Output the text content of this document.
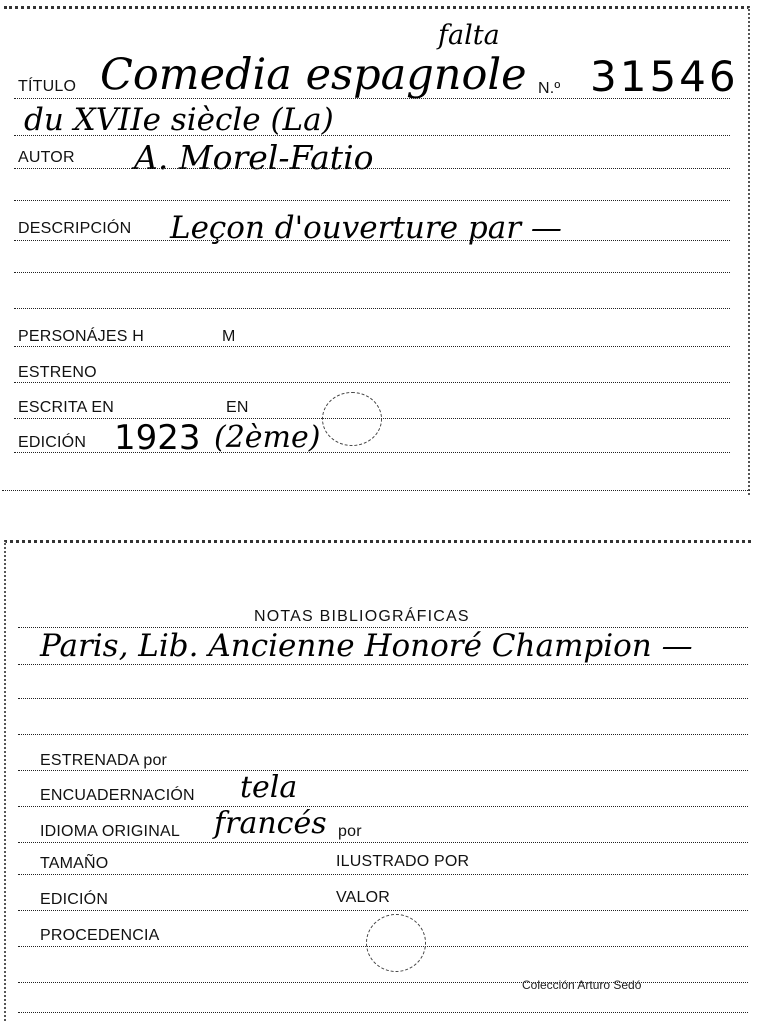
falta
TÍTULO Comedia espagnole N.º 31546
du XVIIe siècle (La)
AUTOR A. Morel-Fatio
DESCRIPCIÓN Leçon d'ouverture par —
PERSONÁJES H	M
ESTRENO
ESCRITA EN	EN
EDICIÓN 1923 (2ème)
NOTAS BIBLIOGRÁFICAS
Paris, Lib. Ancienne Honoré Champion —
ESTRENADA por
ENCUADERNACIÓN tela
IDIOMA ORIGINAL francés por
TAMAÑO	ILUSTRADO POR
EDICIÓN	VALOR
PROCEDENCIA
Colección Arturo Sedó
